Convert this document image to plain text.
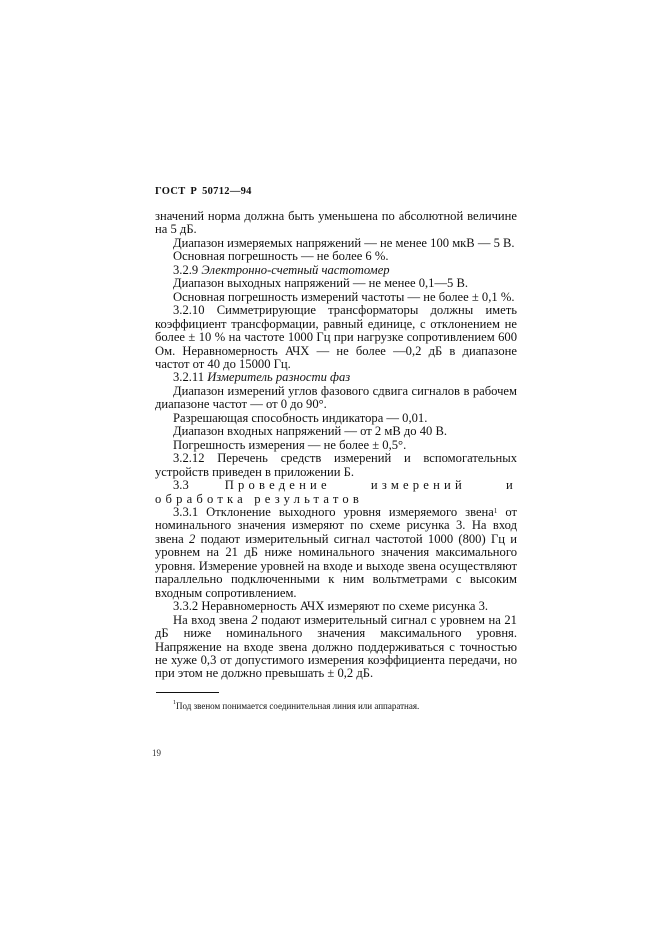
ГОСТ Р 50712—94

значений норма должна быть уменьшена по абсолютной величине на 5 дБ.

Диапазон измеряемых напряжений — не менее 100 мкВ — 5 В.

Основная погрешность — не более 6 %.

3.2.9 Электронно-счетный частотомер

Диапазон выходных напряжений — не менее 0,1—5 В.

Основная погрешность измерений частоты — не более ± 0,1 %.

3.2.10 Симметрирующие трансформаторы должны иметь коэффициент трансформации, равный единице, с отклонением не более ± 10 % на частоте 1000 Гц при нагрузке сопротивлением 600 Ом. Неравномерность АЧХ — не более —0,2 дБ в диапазоне частот от 40 до 15000 Гц.

3.2.11 Измеритель разности фаз

Диапазон измерений углов фазового сдвига сигналов в рабочем диапазоне частот — от 0 до 90°.

Разрешающая способность индикатора — 0,01.

Диапазон входных напряжений — от 2 мВ до 40 В.

Погрешность измерения — не более ± 0,5°.

3.2.12 Перечень средств измерений и вспомогательных устройств приведен в приложении Б.

3.3	Проведение измерений и обработка результатов

3.3.1 Отклонение выходного уровня измеряемого звена$^1$ от номинального значения измеряют по схеме рисунка 3. На вход звена 2 подают измерительный сигнал частотой 1000 (800) Гц и уровнем на 21 дБ ниже номинального значения максимального уровня. Измерение уровней на входе и выходе звена осуществляют параллельно подключенными к ним вольтметрами с высоким входным сопротивлением.

3.3.2 Неравномерность АЧХ измеряют по схеме рисунка 3.

На вход звена 2 подают измерительный сигнал с уровнем на 21 дБ ниже номинального значения максимального уровня. Напряжение на входе звена должно поддерживаться с точностью не хуже 0,3 от допустимого измерения коэффициента передачи, но при этом не должно превышать ± 0,2 дБ.

$^1$Под звеном понимается соединительная линия или аппаратная.
19
